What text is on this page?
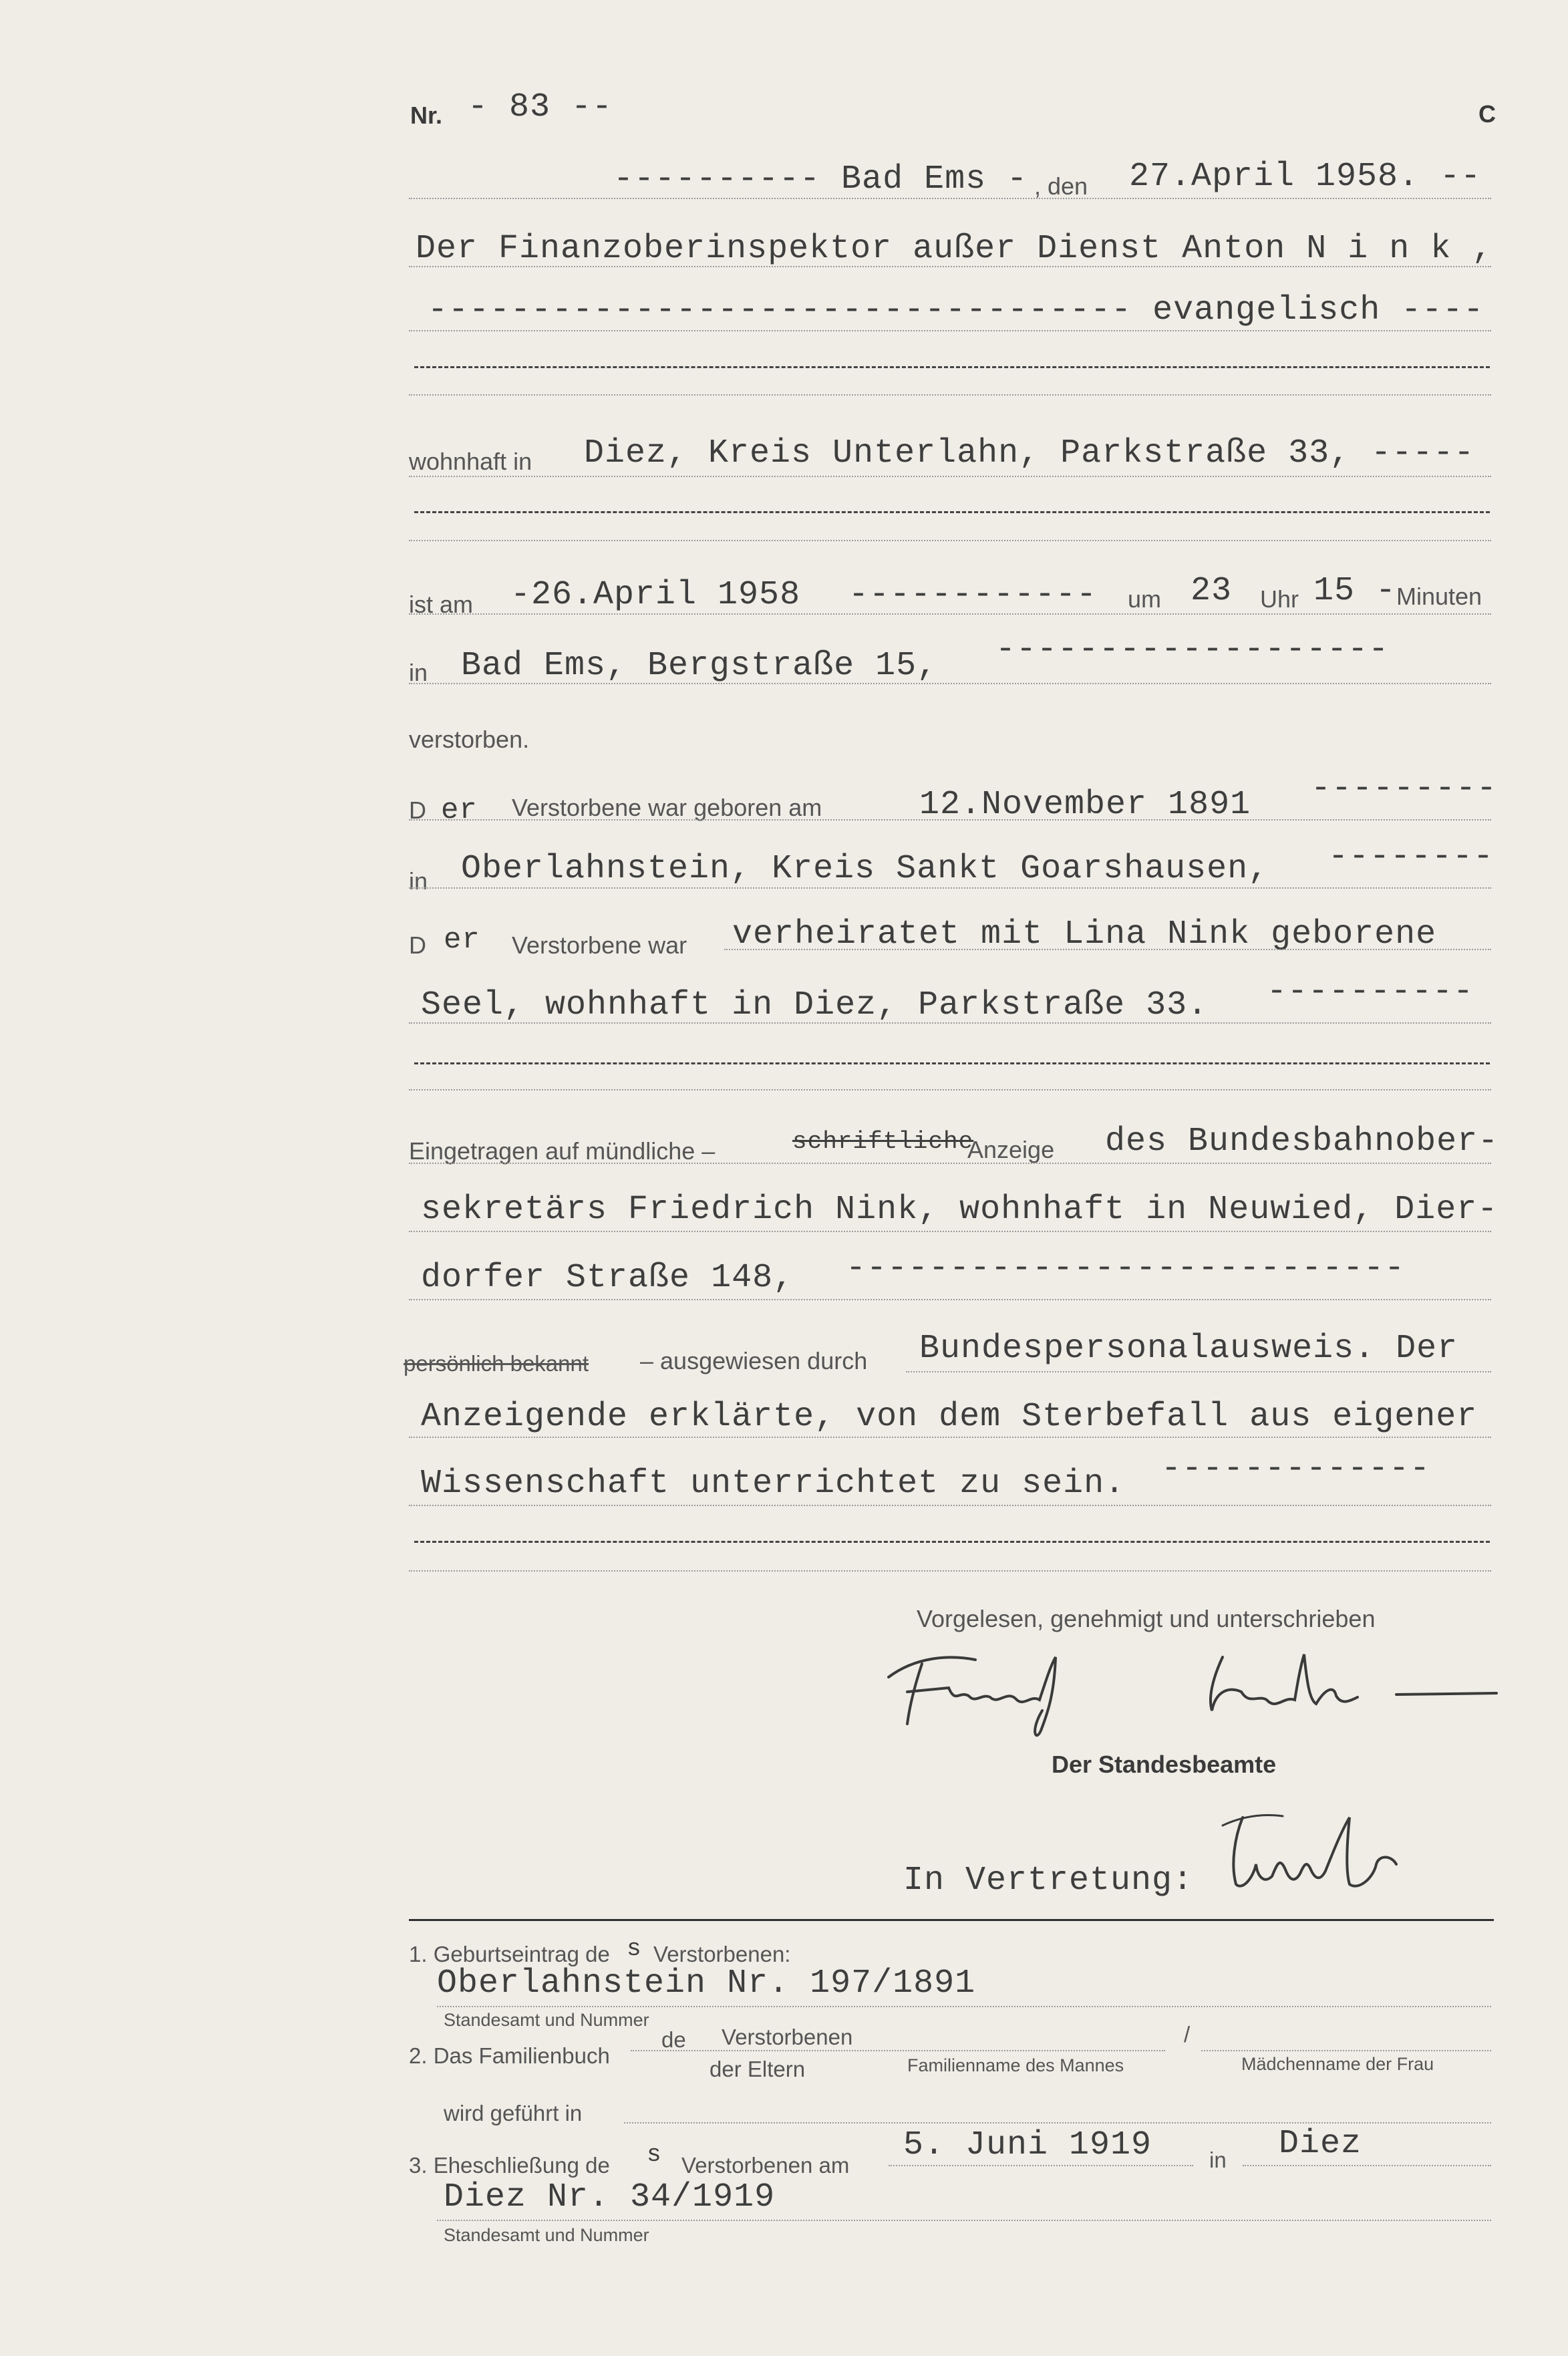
Nr. - 83 --	C
---------- Bad Ems - , den 27.April 1958. --
Der Finanzoberinspektor außer Dienst Anton N i n k ,
---------------------------------- evangelisch ----
wohnhaft in Diez, Kreis Unterlahn, Parkstraße 33, -----
ist am -26.April 1958 ------------ um 23 Uhr 15 - Minuten
in Bad Ems, Bergstraße 15, -------------------
verstorben.
D er Verstorbene war geboren am	12.November 1891 ---------
in Oberlahnstein, Kreis Sankt Goarshausen, --------
D er Verstorbene war verheiratet mit Lina Nink geborene
Seel, wohnhaft in Diez, Parkstraße 33. ----------
Eingetragen auf mündliche –	schriftliche
Anzeige des Bundesbahnober-
sekretärs Friedrich Nink, wohnhaft in Neuwied, Dier-
dorfer Straße 148, ---------------------------
persönlich bekannt – ausgewiesen durch Bundespersonalausweis. Der
Anzeigende erklärte, von dem Sterbefall aus eigener
Wissenschaft unterrichtet zu sein. -------------
Vorgelesen, genehmigt und unterschrieben
Der Standesbeamte
In Vertretung:
1. Geburtseintrag de s Verstorbenen:
Oberlahnstein Nr. 197/1891
Standesamt und Nummer
2. Das Familienbuch
de Verstorbenen	/
der Eltern	Familienname des Mannes	Mädchenname der Frau
wird geführt in
3. Eheschließung de s Verstorbenen am
5. Juni 1919	in Diez
Diez Nr. 34/1919
Standesamt und Nummer
